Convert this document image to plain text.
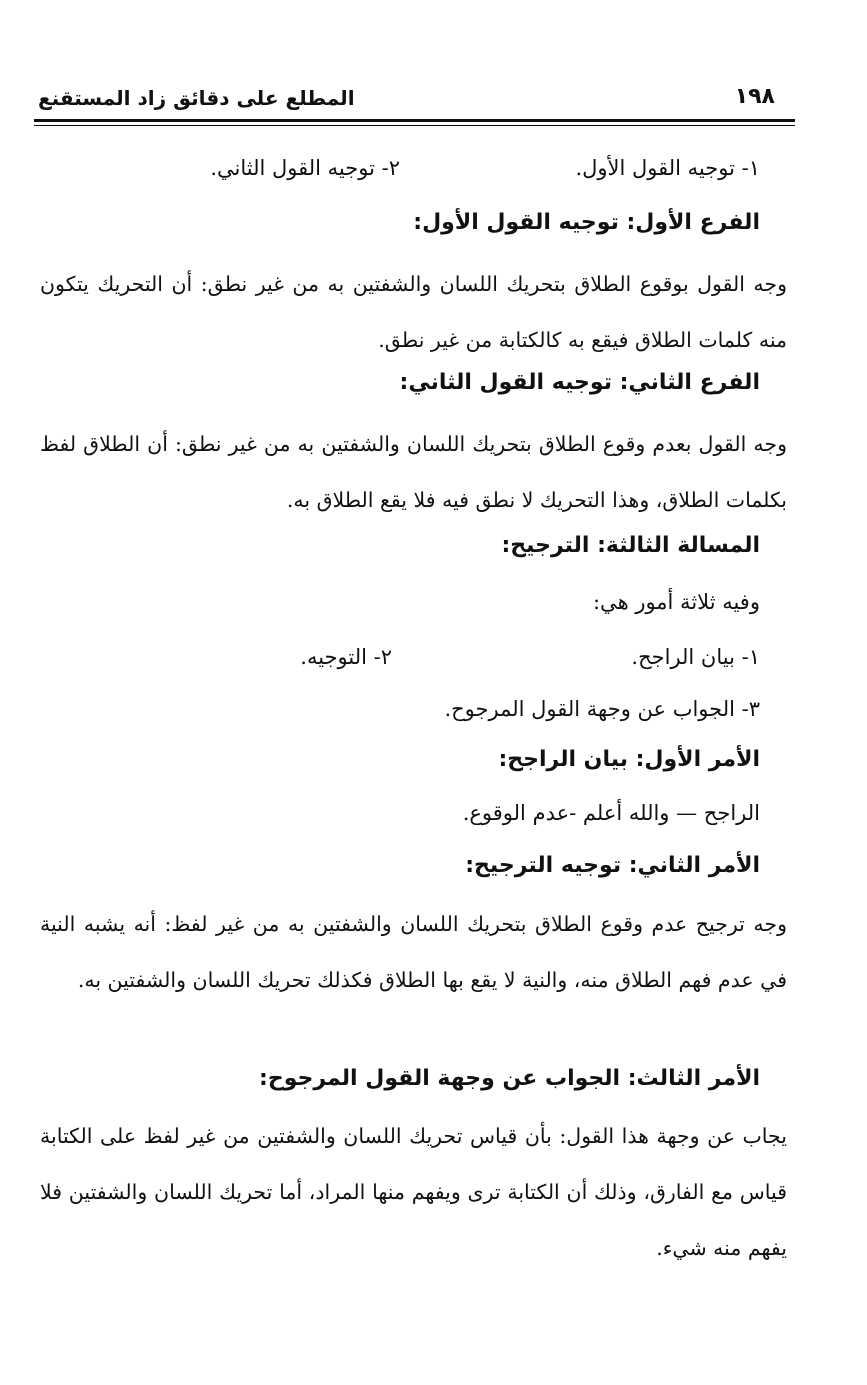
١٩٨
المطلع على دقائق زاد المستقنع
١- توجيه القول الأول.
٢- توجيه القول الثاني.
الفرع الأول: توجيه القول الأول:
وجه القول بوقوع الطلاق بتحريك اللسان والشفتين به من غير نطق: أن التحريك يتكون منه كلمات الطلاق فيقع به كالكتابة من غير نطق.
الفرع الثاني: توجيه القول الثاني:
وجه القول بعدم وقوع الطلاق بتحريك اللسان والشفتين به من غير نطق: أن الطلاق لفظ بكلمات الطلاق، وهذا التحريك لا نطق فيه فلا يقع الطلاق به.
المسالة الثالثة: الترجيح:
وفيه ثلاثة أمور هي:
١- بيان الراجح.
٢- التوجيه.
٣- الجواب عن وجهة القول المرجوح.
الأمر الأول: بيان الراجح:
الراجح — والله أعلم -عدم الوقوع.
الأمر الثاني: توجيه الترجيح:
وجه ترجيح عدم وقوع الطلاق بتحريك اللسان والشفتين به من غير لفظ: أنه يشبه النية في عدم فهم الطلاق منه، والنية لا يقع بها الطلاق فكذلك تحريك اللسان والشفتين به.
الأمر الثالث: الجواب عن وجهة القول المرجوح:
يجاب عن وجهة هذا القول: بأن قياس تحريك اللسان والشفتين من غير لفظ على الكتابة قياس مع الفارق، وذلك أن الكتابة ترى ويفهم منها المراد، أما تحريك اللسان والشفتين فلا يفهم منه شيء.
